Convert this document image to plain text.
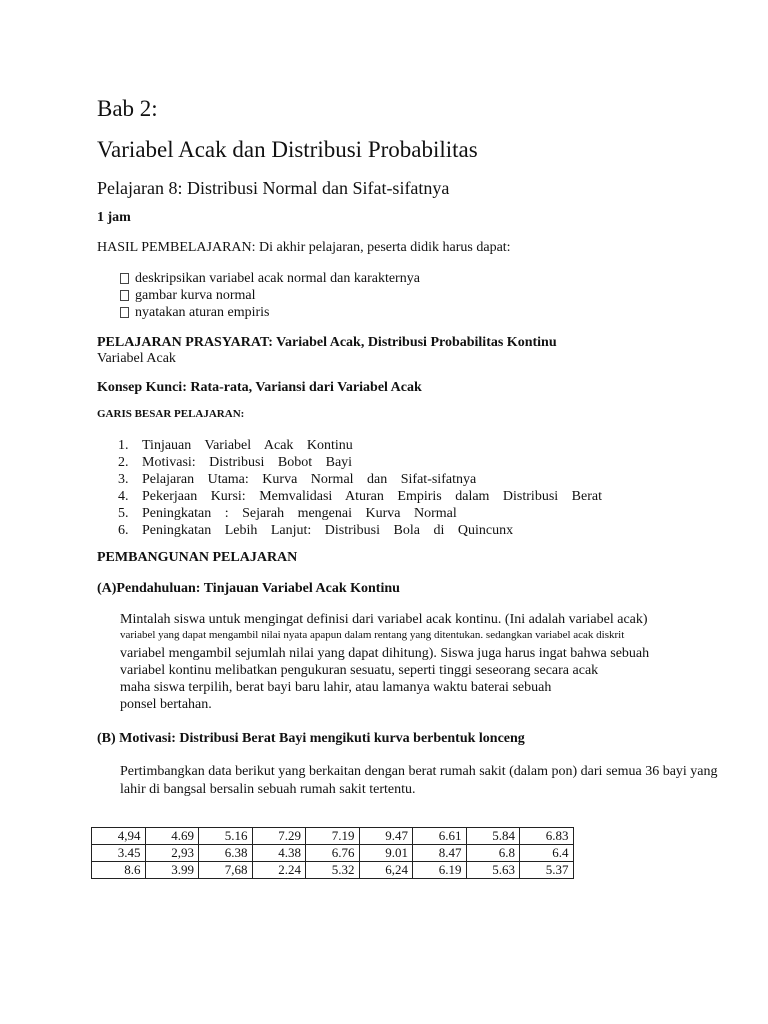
Bab 2:
Variabel Acak dan Distribusi Probabilitas
Pelajaran 8: Distribusi Normal dan Sifat-sifatnya
1 jam
HASIL PEMBELAJARAN: Di akhir pelajaran, peserta didik harus dapat:
deskripsikan variabel acak normal dan karakternya
gambar kurva normal
nyatakan aturan empiris
PELAJARAN PRASYARAT: Variabel Acak, Distribusi Probabilitas Kontinu
Variabel Acak
Konsep Kunci: Rata-rata, Variansi dari Variabel Acak
GARIS BESAR PELAJARAN:
1. Tinjauan Variabel Acak Kontinu
2. Motivasi: Distribusi Bobot Bayi
3. Pelajaran Utama: Kurva Normal dan Sifat-sifatnya
4. Pekerjaan Kursi: Memvalidasi Aturan Empiris dalam Distribusi Berat
5. Peningkatan : Sejarah mengenai Kurva Normal
6. Peningkatan Lebih Lanjut: Distribusi Bola di Quincunx
PEMBANGUNAN PELAJARAN
(A)Pendahuluan: Tinjauan Variabel Acak Kontinu
Mintalah siswa untuk mengingat definisi dari variabel acak kontinu. (Ini adalah variabel acak)
variabel yang dapat mengambil nilai nyata apapun dalam rentang yang ditentukan. sedangkan variabel acak diskrit
variabel mengambil sejumlah nilai yang dapat dihitung). Siswa juga harus ingat bahwa sebuah
variabel kontinu melibatkan pengukuran sesuatu, seperti tinggi seseorang secara acak
maha siswa terpilih, berat bayi baru lahir, atau lamanya waktu baterai sebuah
ponsel bertahan.
(B) Motivasi: Distribusi Berat Bayi mengikuti kurva berbentuk lonceng
Pertimbangkan data berikut yang berkaitan dengan berat rumah sakit (dalam pon) dari semua 36 bayi yang
lahir di bangsal bersalin sebuah rumah sakit tertentu.
4,94	4.69	5.16	7.29	7.19	9.47	6.61	5.84	6.83
3.45	2,93	6.38	4.38	6.76	9.01	8.47	6.8	6.4
8.6	3.99	7,68	2.24	5.32	6,24	6.19	5.63	5.37
